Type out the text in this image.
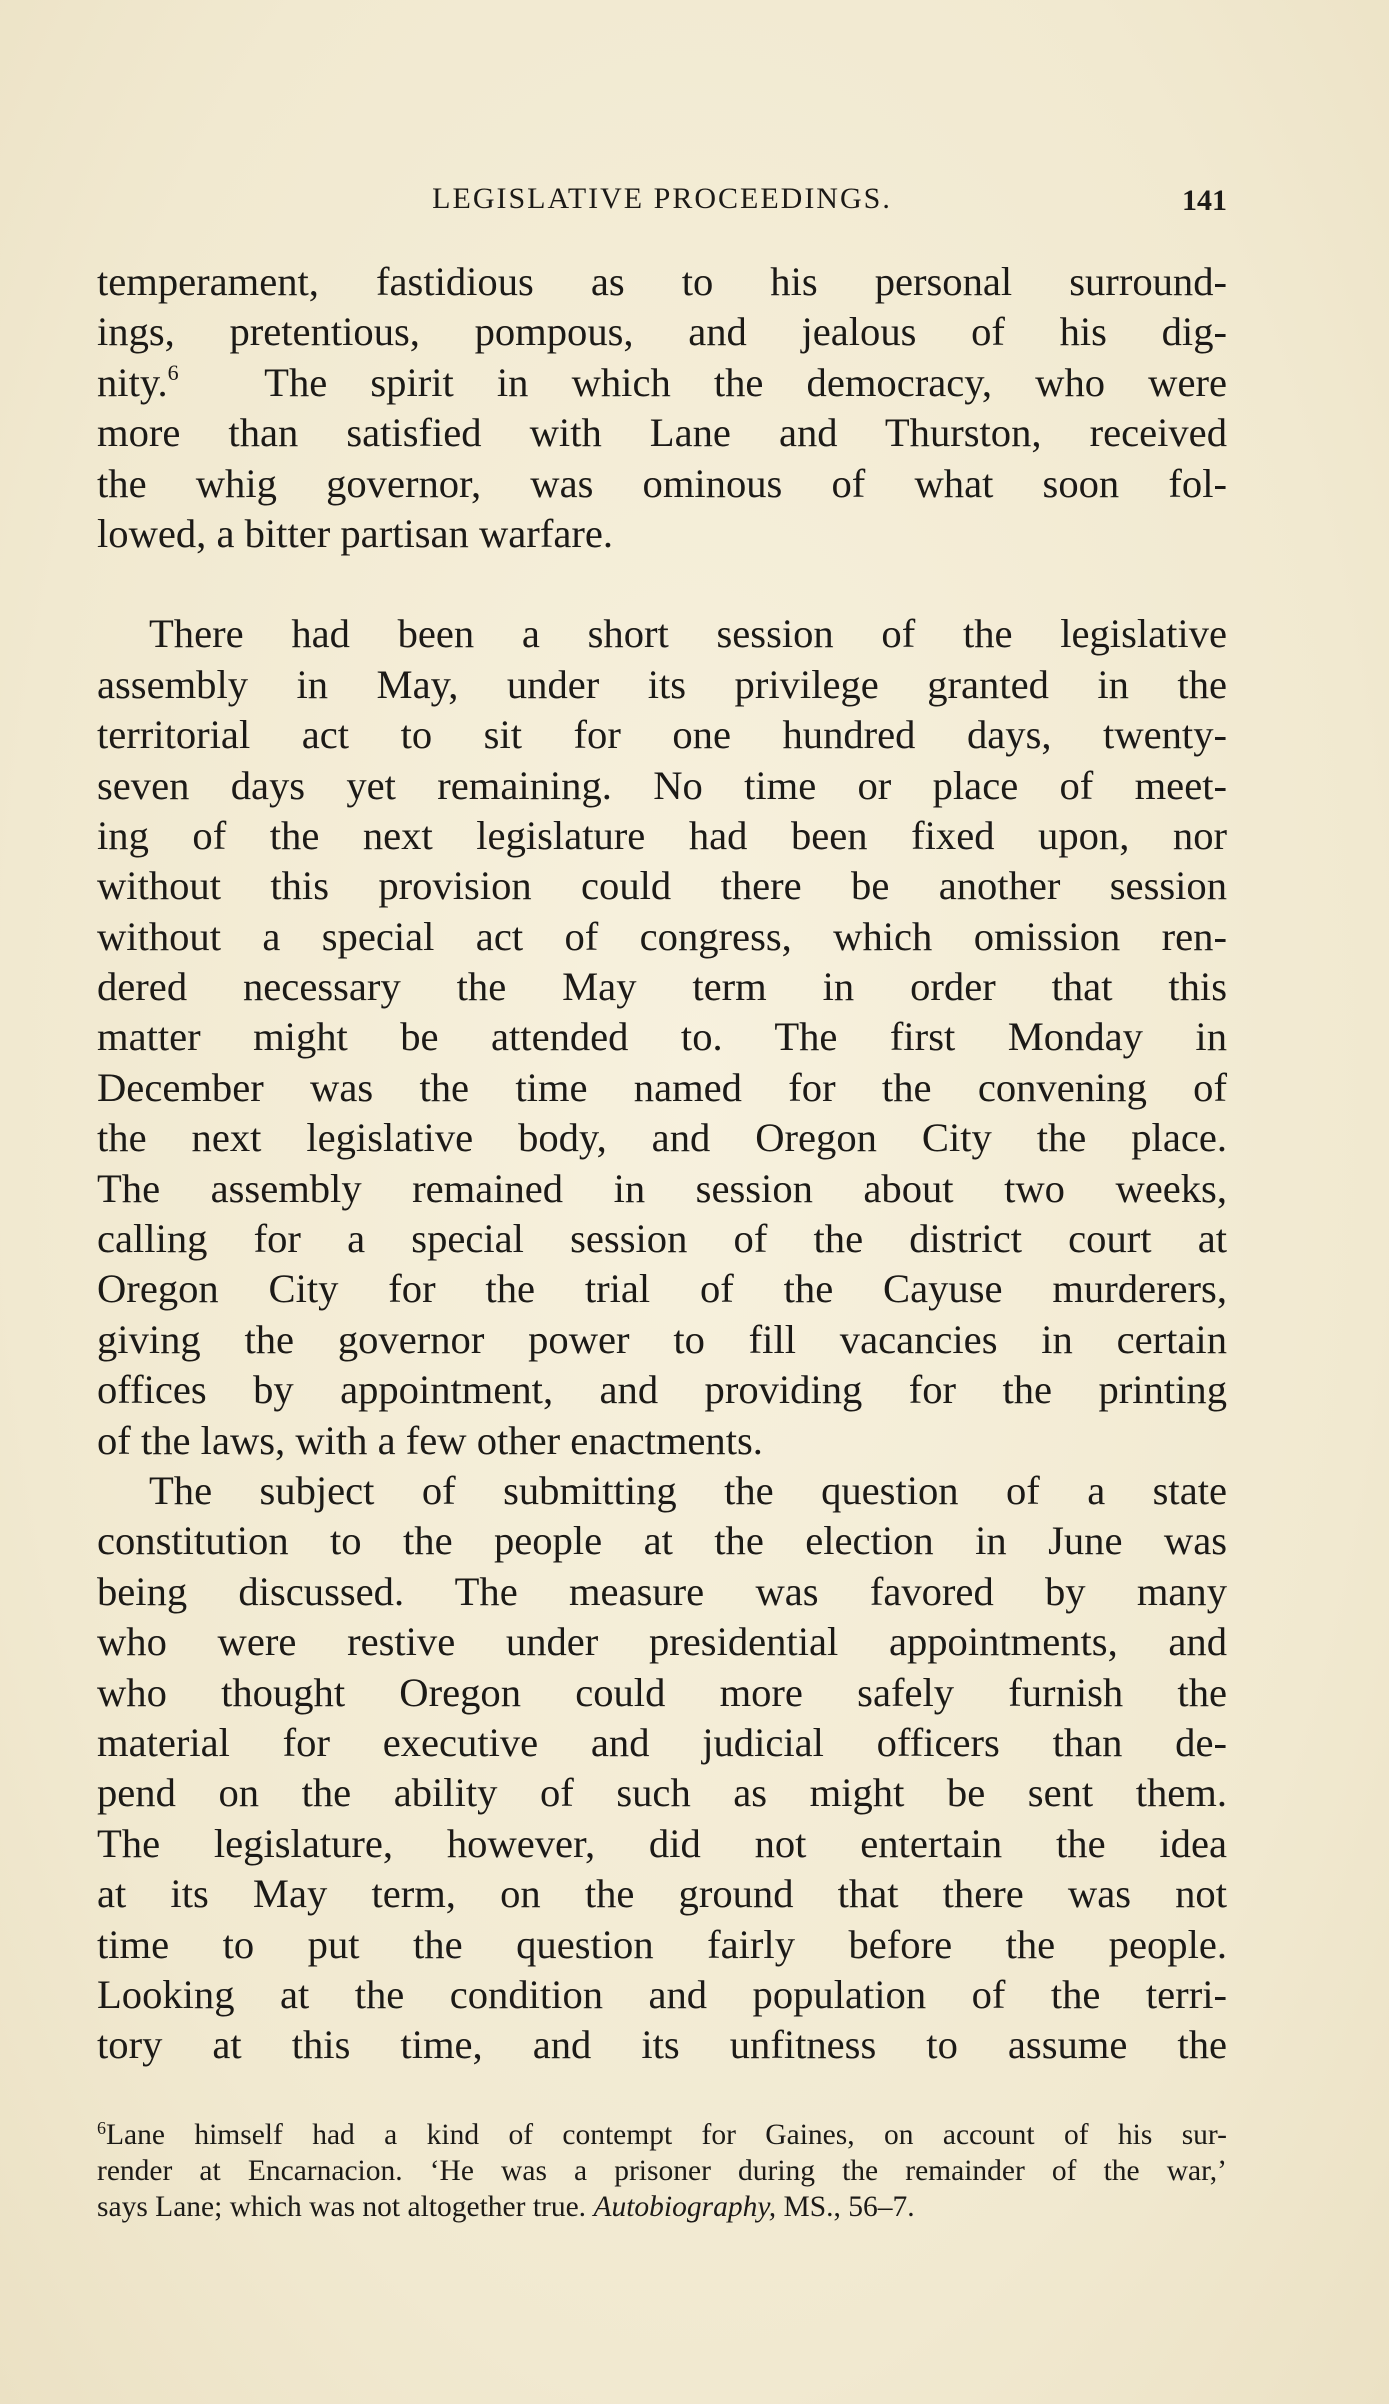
LEGISLATIVE PROCEEDINGS.	141

temperament, fastidious as to his personal surround-
ings, pretentious, pompous, and jealous of his dig-
nity.$^6$ The spirit in which the democracy, who were
more than satisfied with Lane and Thurston, received
the whig governor, was ominous of what soon fol-
lowed, a bitter partisan warfare.

There had been a short session of the legislative
assembly in May, under its privilege granted in the
territorial act to sit for one hundred days, twenty-
seven days yet remaining. No time or place of meet-
ing of the next legislature had been fixed upon, nor
without this provision could there be another session
without a special act of congress, which omission ren-
dered necessary the May term in order that this
matter might be attended to. The first Monday in
December was the time named for the convening of
the next legislative body, and Oregon City the place.
The assembly remained in session about two weeks,
calling for a special session of the district court at
Oregon City for the trial of the Cayuse murderers,
giving the governor power to fill vacancies in certain
offices by appointment, and providing for the printing
of the laws, with a few other enactments.

The subject of submitting the question of a state
constitution to the people at the election in June was
being discussed. The measure was favored by many
who were restive under presidential appointments, and
who thought Oregon could more safely furnish the
material for executive and judicial officers than de-
pend on the ability of such as might be sent them.
The legislature, however, did not entertain the idea
at its May term, on the ground that there was not
time to put the question fairly before the people.
Looking at the condition and population of the terri-
tory at this time, and its unfitness to assume the

$^6$Lane himself had a kind of contempt for Gaines, on account of his sur-
render at Encarnacion. ‘He was a prisoner during the remainder of the war,’
says Lane; which was not altogether true. Autobiography, MS., 56–7.
